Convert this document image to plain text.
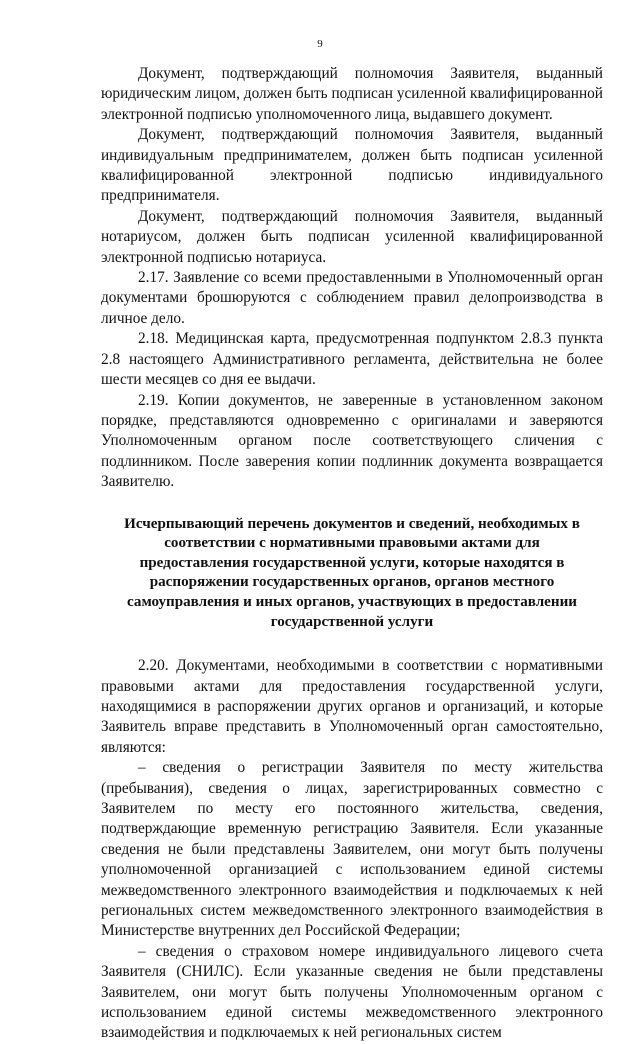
9

Документ, подтверждающий полномочия Заявителя, выданный юридическим лицом, должен быть подписан усиленной квалифицированной электронной подписью уполномоченного лица, выдавшего документ.

Документ, подтверждающий полномочия Заявителя, выданный индивидуальным предпринимателем, должен быть подписан усиленной квалифицированной электронной подписью индивидуального предпринимателя.

Документ, подтверждающий полномочия Заявителя, выданный нотариусом, должен быть подписан усиленной квалифицированной электронной подписью нотариуса.

2.17. Заявление со всеми предоставленными в Уполномоченный орган документами брошюруются с соблюдением правил делопроизводства в личное дело.

2.18. Медицинская карта, предусмотренная подпунктом 2.8.3 пункта 2.8 настоящего Административного регламента, действительна не более шести месяцев со дня ее выдачи.

2.19. Копии документов, не заверенные в установленном законом порядке, представляются одновременно с оригиналами и заверяются Уполномоченным органом после соответствующего сличения с подлинником. После заверения копии подлинник документа возвращается Заявителю.

Исчерпывающий перечень документов и сведений, необходимых в соответствии с нормативными правовыми актами для предоставления государственной услуги, которые находятся в распоряжении государственных органов, органов местного самоуправления и иных органов, участвующих в предоставлении государственной услуги

2.20. Документами, необходимыми в соответствии с нормативными правовыми актами для предоставления государственной услуги, находящимися в распоряжении других органов и организаций, и которые Заявитель вправе представить в Уполномоченный орган самостоятельно, являются:

– сведения о регистрации Заявителя по месту жительства (пребывания), сведения о лицах, зарегистрированных совместно с Заявителем по месту его постоянного жительства, сведения, подтверждающие временную регистрацию Заявителя. Если указанные сведения не были представлены Заявителем, они могут быть получены уполномоченной организацией с использованием единой системы межведомственного электронного взаимодействия и подключаемых к ней региональных систем межведомственного электронного взаимодействия в Министерстве внутренних дел Российской Федерации;

– сведения о страховом номере индивидуального лицевого счета Заявителя (СНИЛС). Если указанные сведения не были представлены Заявителем, они могут быть получены Уполномоченным органом с использованием единой системы межведомственного электронного взаимодействия и подключаемых к ней региональных систем
